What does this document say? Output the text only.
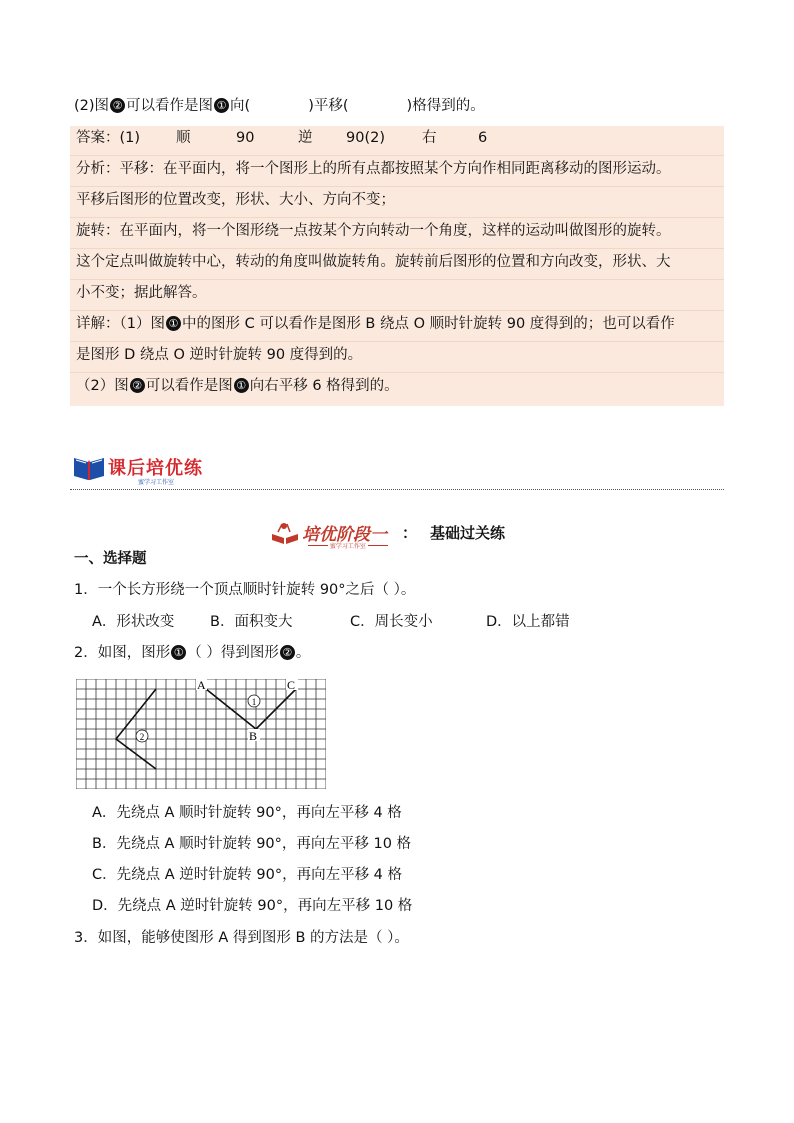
(2)图 ② 可以看作是图 ① 向(	)平移(	)格得到的。
答案：(1) 顺	90	逆 90(2)	右	6
分析：平移：在平面内，将一个图形上的所有点都按照某个方向作相同距离移动的图形运动。
平移后图形的位置改变，形状、大小、方向不变；
旋转：在平面内，将一个图形绕一点按某个方向转动一个角度，这样的运动叫做图形的旋转。
这个定点叫做旋转中心，转动的角度叫做旋转角。旋转前后图形的位置和方向改变，形状、大
小不变；据此解答。
详解：（1）图 ① 中的图形 C 可以看作是图形 B 绕点 O 顺时针旋转 90 度得到的；也可以看作
是图形 D 绕点 O 逆时针旋转 90 度得到的。
（2）图 ② 可以看作是图 ① 向右平移 6 格得到的。
课后培优练
蜜学习工作室
培优阶段一 ： 基础过关练
蜜学习工作室
一、选择题
1．一个长方形绕一个顶点顺时针旋转 90°之后（ ）。
A．形状改变 B．面积变大	C．周长变小	D．以上都错
2．如图，图形 ① （ ）得到图形 ② 。
1
2
A
B
C
A．先绕点 A 顺时针旋转 90°，再向左平移 4 格
B．先绕点 A 顺时针旋转 90°，再向左平移 10 格
C．先绕点 A 逆时针旋转 90°，再向左平移 4 格
D．先绕点 A 逆时针旋转 90°，再向左平移 10 格
3．如图，能够使图形 A 得到图形 B 的方法是（ ）。
